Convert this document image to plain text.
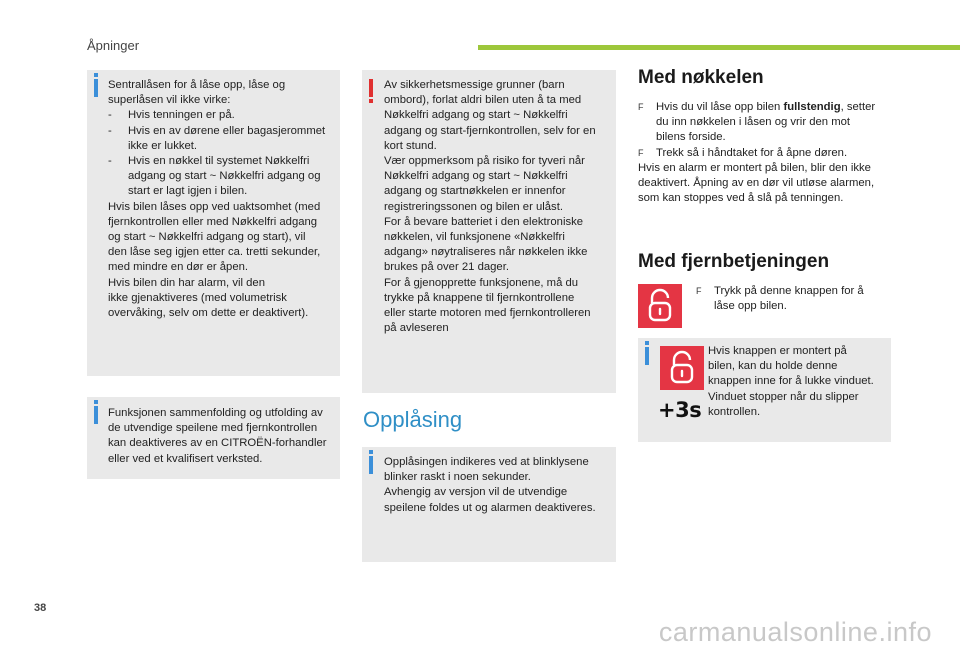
Åpninger
Sentrallåsen for å låse opp, låse og
superlåsen vil ikke virke:
- Hvis tenningen er på.
- Hvis en av dørene eller bagasjerommet
ikke er lukket.
- Hvis en nøkkel til systemet Nøkkelfri
adgang og start ~ Nøkkelfri adgang og
start er lagt igjen i bilen.
Hvis bilen låses opp ved uaktsomhet (med
fjernkontrollen eller med Nøkkelfri adgang
og start ~ Nøkkelfri adgang og start), vil
den låse seg igjen etter ca. tretti sekunder,
med mindre en dør er åpen.
Hvis bilen din har alarm, vil den
ikke gjenaktiveres (med volumetrisk
overvåking, selv om dette er deaktivert).
Funksjonen sammenfolding og utfolding av
de utvendige speilene med fjernkontrollen
kan deaktiveres av en CITROËN-forhandler
eller ved et kvalifisert verksted.
Av sikkerhetsmessige grunner (barn
ombord), forlat aldri bilen uten å ta med
Nøkkelfri adgang og start ~ Nøkkelfri
adgang og start-fjernkontrollen, selv for en
kort stund.
Vær oppmerksom på risiko for tyveri når
Nøkkelfri adgang og start ~ Nøkkelfri
adgang og startnøkkelen er innenfor
registreringssonen og bilen er ulåst.
For å bevare batteriet i den elektroniske
nøkkelen, vil funksjonene «Nøkkelfri
adgang» nøytraliseres når nøkkelen ikke
brukes på over 21 dager.
For å gjenopprette funksjonene, må du
trykke på knappene til fjernkontrollene
eller starte motoren med fjernkontrolleren
på avleseren
Opplåsing
Opplåsingen indikeres ved at blinklysene
blinker raskt i noen sekunder.
Avhengig av versjon vil de utvendige
speilene foldes ut og alarmen deaktiveres.
Med nøkkelen
F Hvis du vil låse opp bilen fullstendig, setter
du inn nøkkelen i låsen og vrir den mot
bilens forside.
F Trekk så i håndtaket for å åpne døren.
Hvis en alarm er montert på bilen, blir den ikke
deaktivert. Åpning av en dør vil utløse alarmen,
som kan stoppes ved å slå på tenningen.
Med fjernbetjeningen
F Trykk på denne knappen for å
låse opp bilen.
+3s
Hvis knappen er montert på
bilen, kan du holde denne
knappen inne for å lukke vinduet.
Vinduet stopper når du slipper
kontrollen.
38
carmanualsonline.info
